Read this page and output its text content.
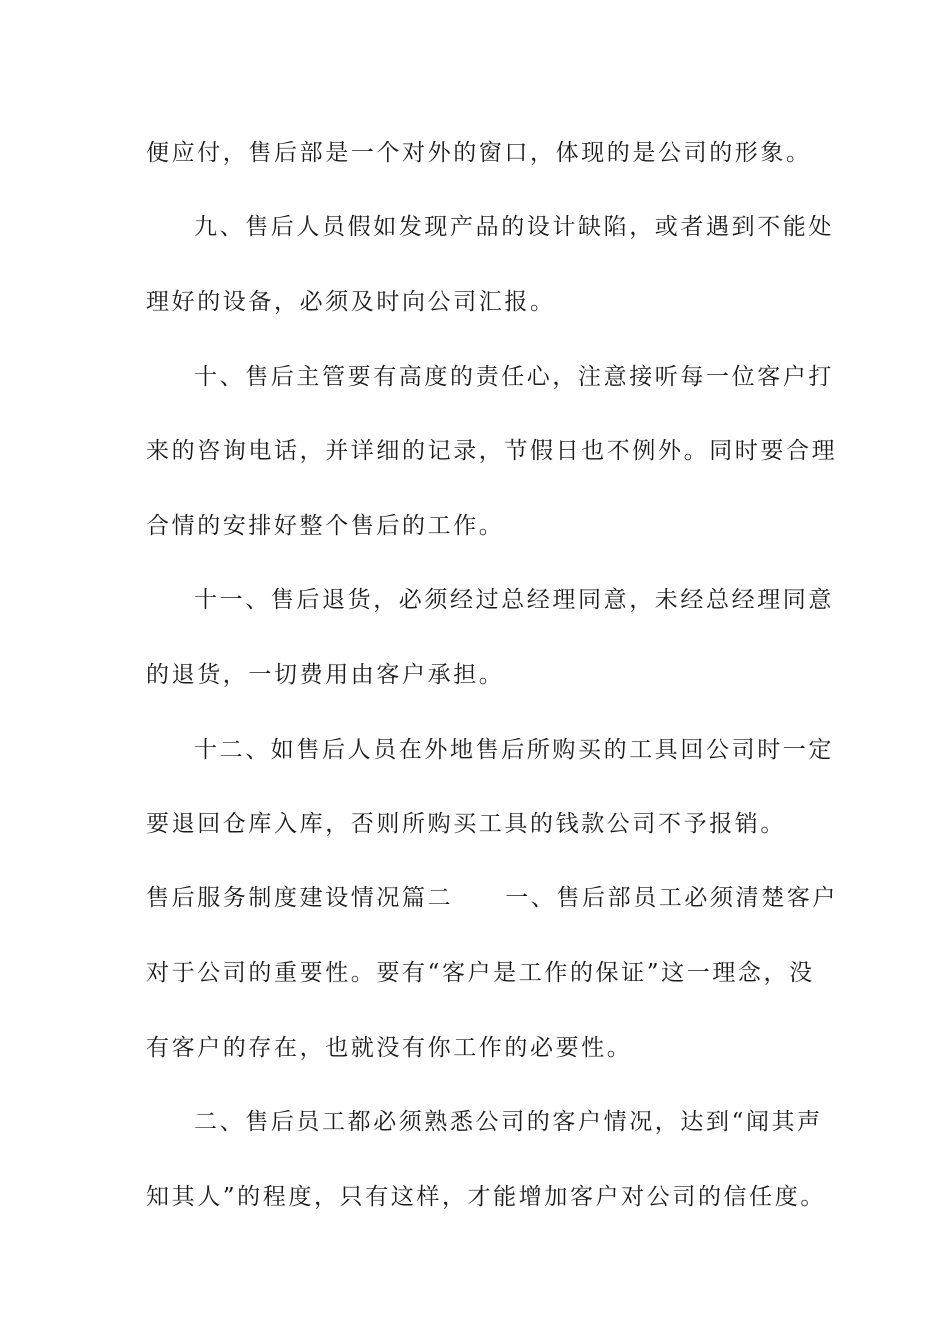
便应付，售后部是一个对外的窗口，体现的是公司的形象。
九、售后人员假如发现产品的设计缺陷，或者遇到不能处
理好的设备，必须及时向公司汇报。
十、售后主管要有高度的责任心，注意接听每一位客户打
来的咨询电话，并详细的记录，节假日也不例外。同时要合理
合情的安排好整个售后的工作。
十一、售后退货，必须经过总经理同意，未经总经理同意
的退货，一切费用由客户承担。
十二、如售后人员在外地售后所购买的工具回公司时一定
要退回仓库入库，否则所购买工具的钱款公司不予报销。
售后服务制度建设情况篇二 一、售后部员工必须清楚客户
对于公司的重要性。要有“客户是工作的保证”这一理念，没
有客户的存在，也就没有你工作的必要性。
二、售后员工都必须熟悉公司的客户情况，达到“闻其声
知其人”的程度，只有这样，才能增加客户对公司的信任度。
